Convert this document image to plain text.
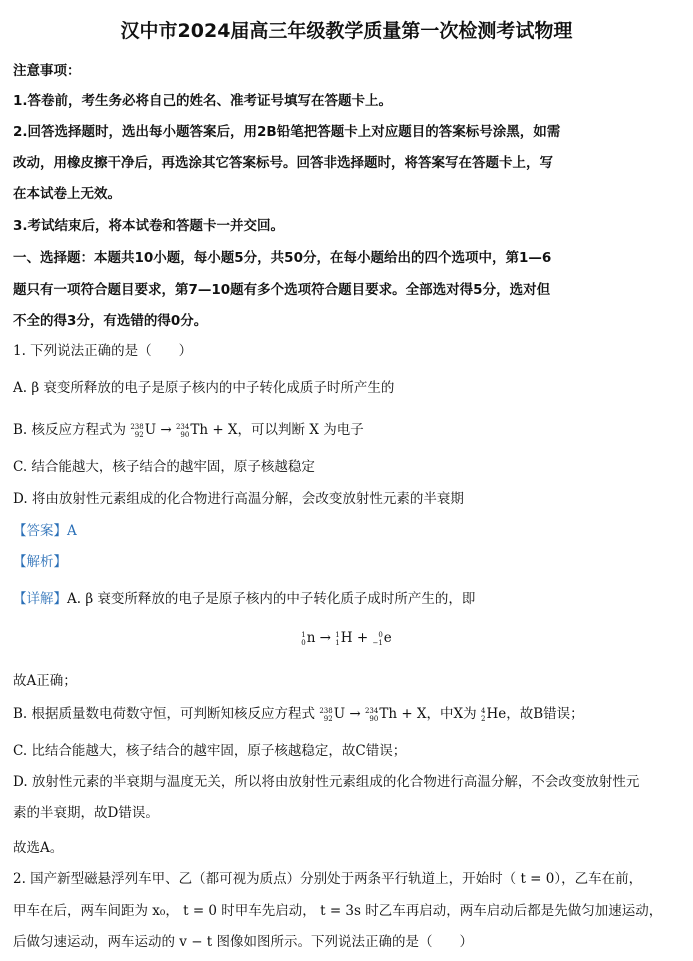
汉中市2024届高三年级教学质量第一次检测考试物理
注意事项：
1.答卷前，考生务必将自己的姓名、准考证号填写在答题卡上。
2.回答选择题时，选出每小题答案后，用2B铅笔把答题卡上对应题目的答案标号涂黑，如需
改动，用橡皮擦干净后，再选涂其它答案标号。回答非选择题时，将答案写在答题卡上，写
在本试卷上无效。
3.考试结束后，将本试卷和答题卡一并交回。
一、选择题：本题共10小题，每小题5分，共50分，在每小题给出的四个选项中，第1—6
题只有一项符合题目要求，第7—10题有多个选项符合题目要求。全部选对得5分，选对但
不全的得3分，有选错的得0分。
1. 下列说法正确的是（　　）
A. β 衰变所释放的电子是原子核内的中子转化成质子时所产生的
B. 核反应方程式为 238
92 U → 234
90 Th + X，可以判断 X 为电子
C. 结合能越大，核子结合的越牢固，原子核越稳定
D. 将由放射性元素组成的化合物进行高温分解，会改变放射性元素的半衰期
【答案】A
【解析】
【详解】A. β 衰变所释放的电子是原子核内的中子转化质子成时所产生的，即
1
0 n → 1
1 H +	0
−1 e
故A正确；
B. 根据质量数电荷数守恒，可判断知核反应方程式 238
92 U → 234
90 Th + X，中X为 4
2 He，故B错误；
C. 比结合能越大，核子结合的越牢固，原子核越稳定，故C错误；
D. 放射性元素的半衰期与温度无关，所以将由放射性元素组成的化合物进行高温分解，不会改变放射性元
素的半衰期，故D错误。
故选A。
2. 国产新型磁悬浮列车甲、乙（都可视为质点）分别处于两条平行轨道上，开始时（ t = 0），乙车在前，
甲车在后，两车间距为 x₀， t = 0 时甲车先启动， t = 3s 时乙车再启动，两车启动后都是先做匀加速运动，
后做匀速运动，两车运动的 v − t 图像如图所示。下列说法正确的是（　　）
